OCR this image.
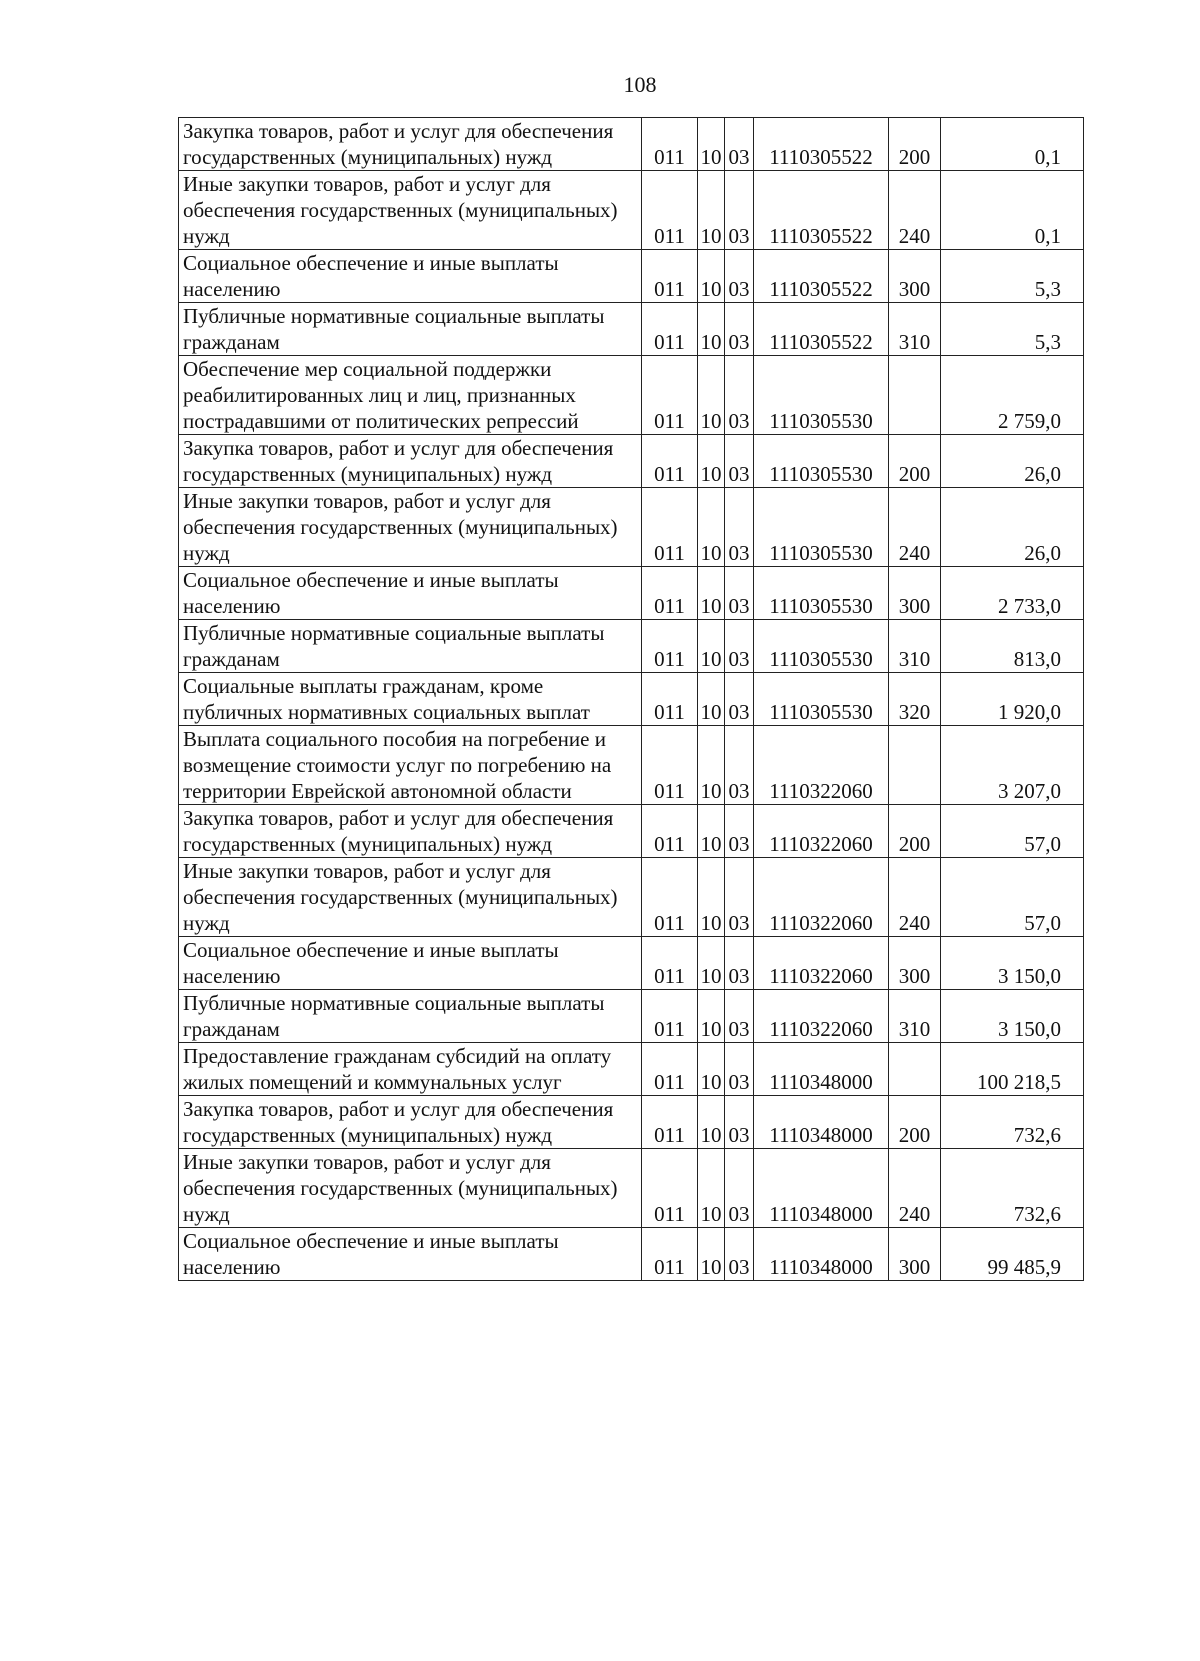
108
Закупка товаров, работ и услуг для обеспечения государственных (муниципальных) нужд	011	10	03	1110305522	200	0,1
Иные закупки товаров, работ и услуг для обеспечения государственных (муниципальных) нужд	011	10	03	1110305522	240	0,1
Социальное обеспечение и иные выплаты населению	011	10	03	1110305522	300	5,3
Публичные нормативные социальные выплаты гражданам	011	10	03	1110305522	310	5,3
Обеспечение мер социальной поддержки реабилитированных лиц и лиц, признанных пострадавшими от политических репрессий	011	10	03	1110305530		2 759,0
Закупка товаров, работ и услуг для обеспечения государственных (муниципальных) нужд	011	10	03	1110305530	200	26,0
Иные закупки товаров, работ и услуг для обеспечения государственных (муниципальных) нужд	011	10	03	1110305530	240	26,0
Социальное обеспечение и иные выплаты населению	011	10	03	1110305530	300	2 733,0
Публичные нормативные социальные выплаты гражданам	011	10	03	1110305530	310	813,0
Социальные выплаты гражданам, кроме публичных нормативных социальных выплат	011	10	03	1110305530	320	1 920,0
Выплата социального пособия на погребение и возмещение стоимости услуг по погребению на территории Еврейской автономной области	011	10	03	1110322060		3 207,0
Закупка товаров, работ и услуг для обеспечения государственных (муниципальных) нужд	011	10	03	1110322060	200	57,0
Иные закупки товаров, работ и услуг для обеспечения государственных (муниципальных) нужд	011	10	03	1110322060	240	57,0
Социальное обеспечение и иные выплаты населению	011	10	03	1110322060	300	3 150,0
Публичные нормативные социальные выплаты гражданам	011	10	03	1110322060	310	3 150,0
Предоставление гражданам субсидий на оплату жилых помещений и коммунальных услуг	011	10	03	1110348000		100 218,5
Закупка товаров, работ и услуг для обеспечения государственных (муниципальных) нужд	011	10	03	1110348000	200	732,6
Иные закупки товаров, работ и услуг для обеспечения государственных (муниципальных) нужд	011	10	03	1110348000	240	732,6
Социальное обеспечение и иные выплаты населению	011	10	03	1110348000	300	99 485,9
